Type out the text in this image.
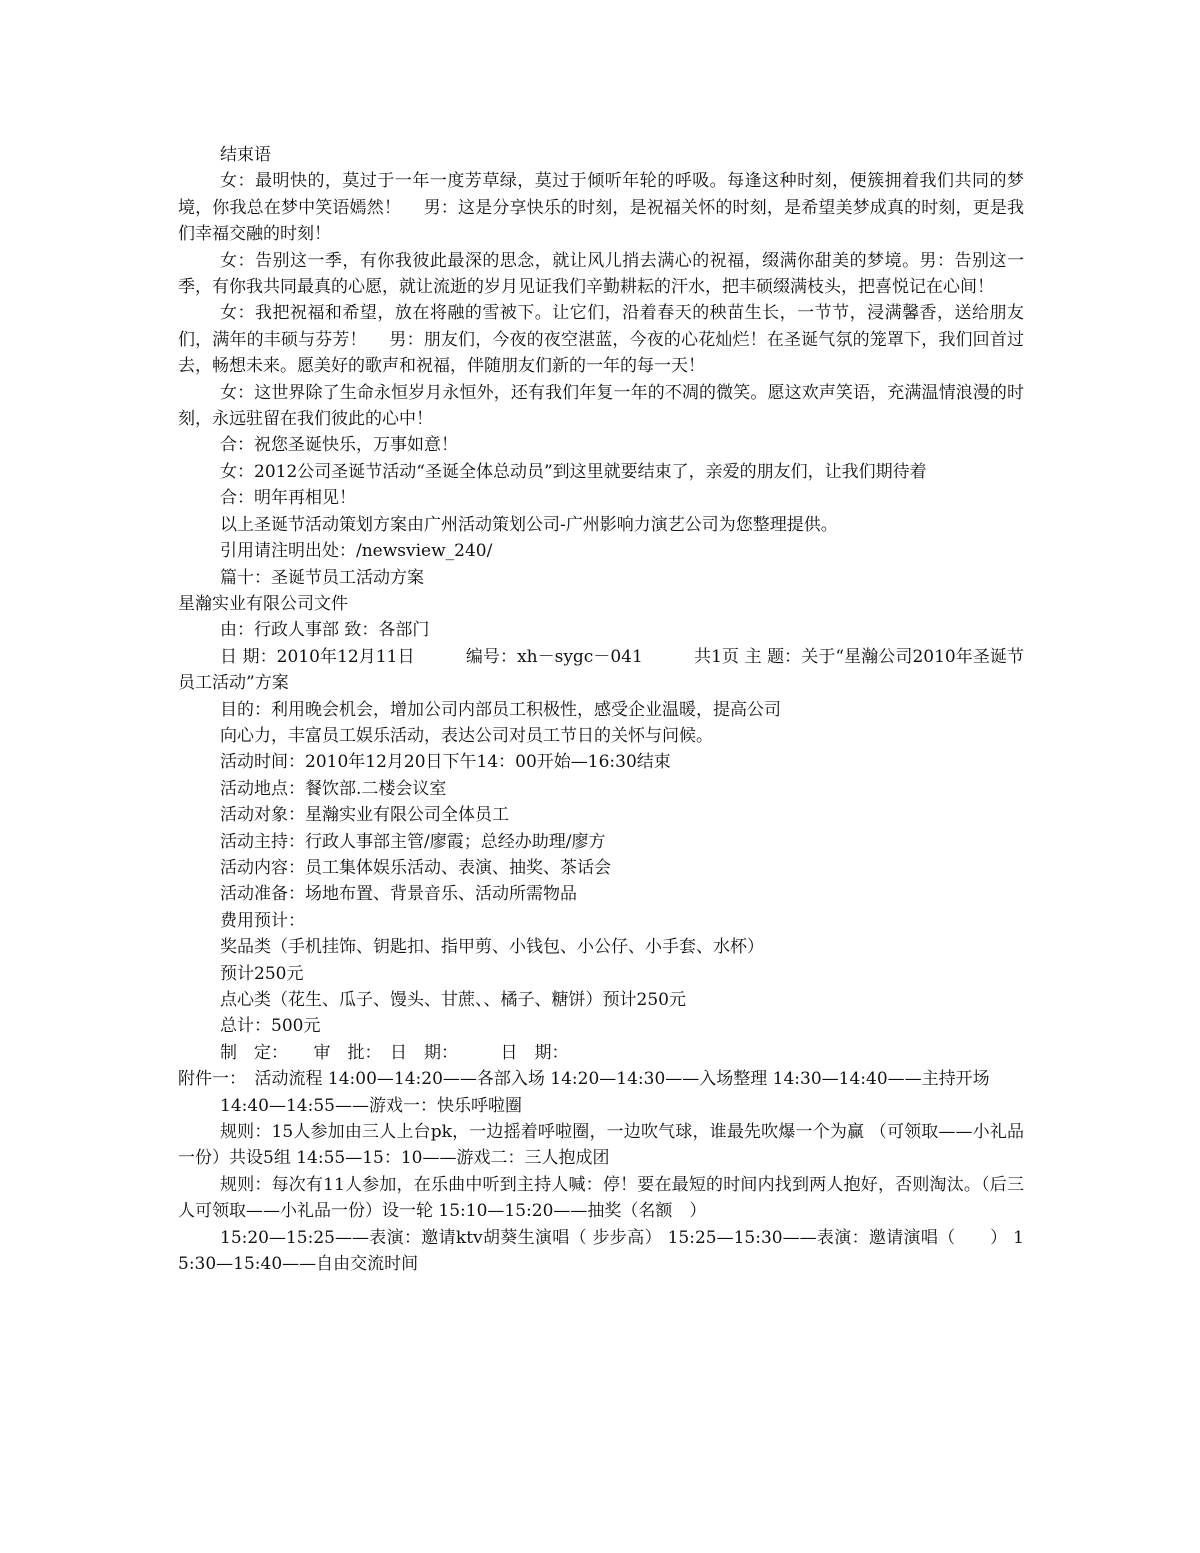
结束语

女：最明快的，莫过于一年一度芳草绿，莫过于倾听年轮的呼吸。每逢这种时刻，便簇拥着我们共同的梦境，你我总在梦中笑语嫣然！　 男：这是分享快乐的时刻，是祝福关怀的时刻，是希望美梦成真的时刻，更是我们幸福交融的时刻！

女：告别这一季，有你我彼此最深的思念，就让风儿捎去满心的祝福，缀满你甜美的梦境。男：告别这一季，有你我共同最真的心愿，就让流逝的岁月见证我们辛勤耕耘的汗水，把丰硕缀满枝头，把喜悦记在心间！

女：我把祝福和希望，放在将融的雪被下。让它们，沿着春天的秧苗生长，一节节，浸满馨香，送给朋友们，满年的丰硕与芬芳！　 男：朋友们，今夜的夜空湛蓝，今夜的心花灿烂！在圣诞气氛的笼罩下，我们回首过去，畅想未来。愿美好的歌声和祝福，伴随朋友们新的一年的每一天！

女：这世界除了生命永恒岁月永恒外，还有我们年复一年的不凋的微笑。愿这欢声笑语，充满温情浪漫的时刻，永远驻留在我们彼此的心中！

合：祝您圣诞快乐，万事如意！

女：2012公司圣诞节活动“圣诞全体总动员”到这里就要结束了，亲爱的朋友们，让我们期待着

合：明年再相见！

以上圣诞节活动策划方案由广州活动策划公司-广州影响力演艺公司为您整理提供。

引用请注明出处：/newsview_240/

篇十：圣诞节员工活动方案

星瀚实业有限公司文件

由：行政人事部 致：各部门

日 期：2010年12月11日　　　编号：xh－sygc－041　　　共1页 主 题：关于“星瀚公司2010年圣诞节员工活动”方案

目的：利用晚会机会，增加公司内部员工积极性，感受企业温暖，提高公司

向心力，丰富员工娱乐活动，表达公司对员工节日的关怀与问候。

活动时间：2010年12月20日下午14：00开始—16:30结束

活动地点：餐饮部.二楼会议室

活动对象：星瀚实业有限公司全体员工

活动主持：行政人事部主管/廖霞；总经办助理/廖方

活动内容：员工集体娱乐活动、表演、抽奖、茶话会

活动准备：场地布置、背景音乐、活动所需物品

费用预计：

奖品类（手机挂饰、钥匙扣、指甲剪、小钱包、小公仔、小手套、水杯）

预计250元

点心类（花生、瓜子、馒头、甘蔗、、橘子、糖饼）预计250元

总计：500元

制　定：　　审　批：　日　期：　　　日　期：

附件一：　活动流程 14:00—14:20——各部入场 14:20—14:30——入场整理 14:30—14:40——主持开场

14:40—14:55——游戏一：快乐呼啦圈

规则：15人参加由三人上台pk，一边摇着呼啦圈，一边吹气球，谁最先吹爆一个为赢 （可领取——小礼品一份）共设5组 14:55—15：10——游戏二：三人抱成团

规则：每次有11人参加，在乐曲中听到主持人喊：停！要在最短的时间内找到两人抱好，否则淘汰。（后三人可领取——小礼品一份）设一轮 15:10—15:20——抽奖（名额　）

15:20—15:25——表演：邀请ktv胡葵生演唱（ 步步高） 15:25—15:30——表演：邀请演唱（　　） 15:30—15:40——自由交流时间
